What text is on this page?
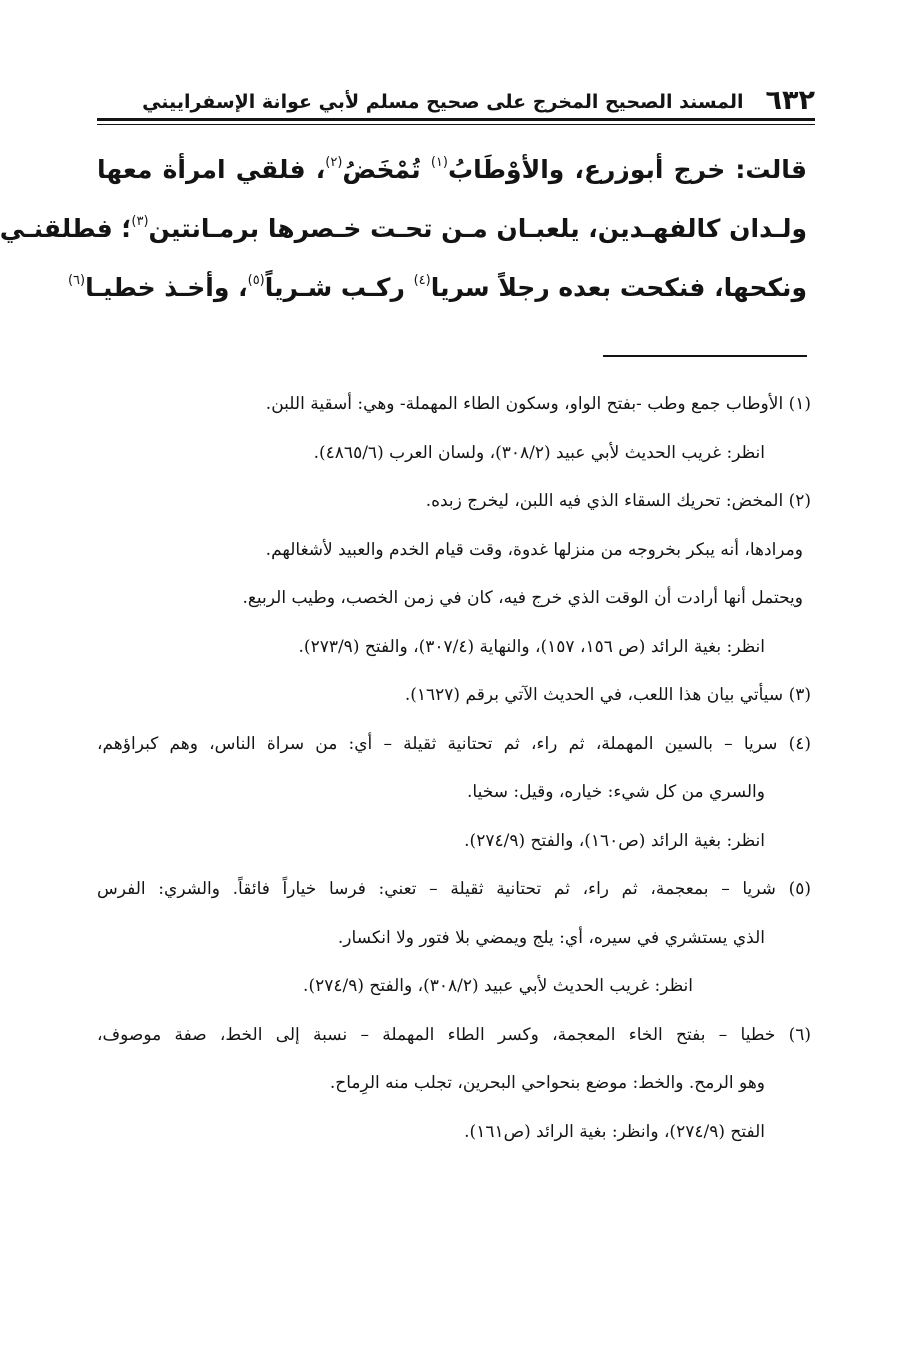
٦٣٢
المسند الصحيح المخرج على صحيح مسلم لأبي عوانة الإسفراييني
قالت: خرج أبوزرع، والأوْطَابُ$^{(١)}$ تُمْخَضُ$^{(٢)}$، فلقي امرأة معها
ولـدان كالفهـدين، يلعبـان مـن تحـت خـصرها برمـانتين$^{(٣)}$؛ فطلقنـي
ونكحها، فنكحت بعده رجلاً سريا$^{(٤)}$ ركـب شـرياً$^{(٥)}$، وأخـذ خطيـا$^{(٦)}$
(١) الأوطاب جمع وطب -بفتح الواو، وسكون الطاء المهملة- وهي: أسقية اللبن.
انظر: غريب الحديث لأبي عبيد (٣٠٨/٢)، ولسان العرب (٤٨٦٥/٦).
(٢) المخض: تحريك السقاء الذي فيه اللبن، ليخرج زبده.
ومرادها، أنه يبكر بخروجه من منزلها غدوة، وقت قيام الخدم والعبيد لأشغالهم.
ويحتمل أنها أرادت أن الوقت الذي خرج فيه، كان في زمن الخصب، وطيب الربيع.
انظر: بغية الرائد (ص ١٥٦، ١٥٧)، والنهاية (٣٠٧/٤)، والفتح (٢٧٣/٩).
(٣) سيأتي بيان هذا اللعب، في الحديث الآتي برقم (١٦٢٧).
(٤) سريا – بالسين المهملة، ثم راء، ثم تحتانية ثقيلة – أي: من سراة الناس، وهم كبراؤهم،
والسري من كل شيء: خياره، وقيل: سخيا.
انظر: بغية الرائد (ص١٦٠)، والفتح (٢٧٤/٩).
(٥) شريا – بمعجمة، ثم راء، ثم تحتانية ثقيلة – تعني: فرسا خياراً فائقاً. والشري: الفرس
الذي يستشري في سيره، أي: يلج ويمضي بلا فتور ولا انكسار.
انظر: غريب الحديث لأبي عبيد (٣٠٨/٢)، والفتح (٢٧٤/٩).
(٦) خطيا – بفتح الخاء المعجمة، وكسر الطاء المهملة – نسبة إلى الخط، صفة موصوف،
وهو الرمح. والخط: موضع بنحواحي البحرين، تجلب منه الرِماح.
الفتح (٢٧٤/٩)، وانظر: بغية الرائد (ص١٦١).
